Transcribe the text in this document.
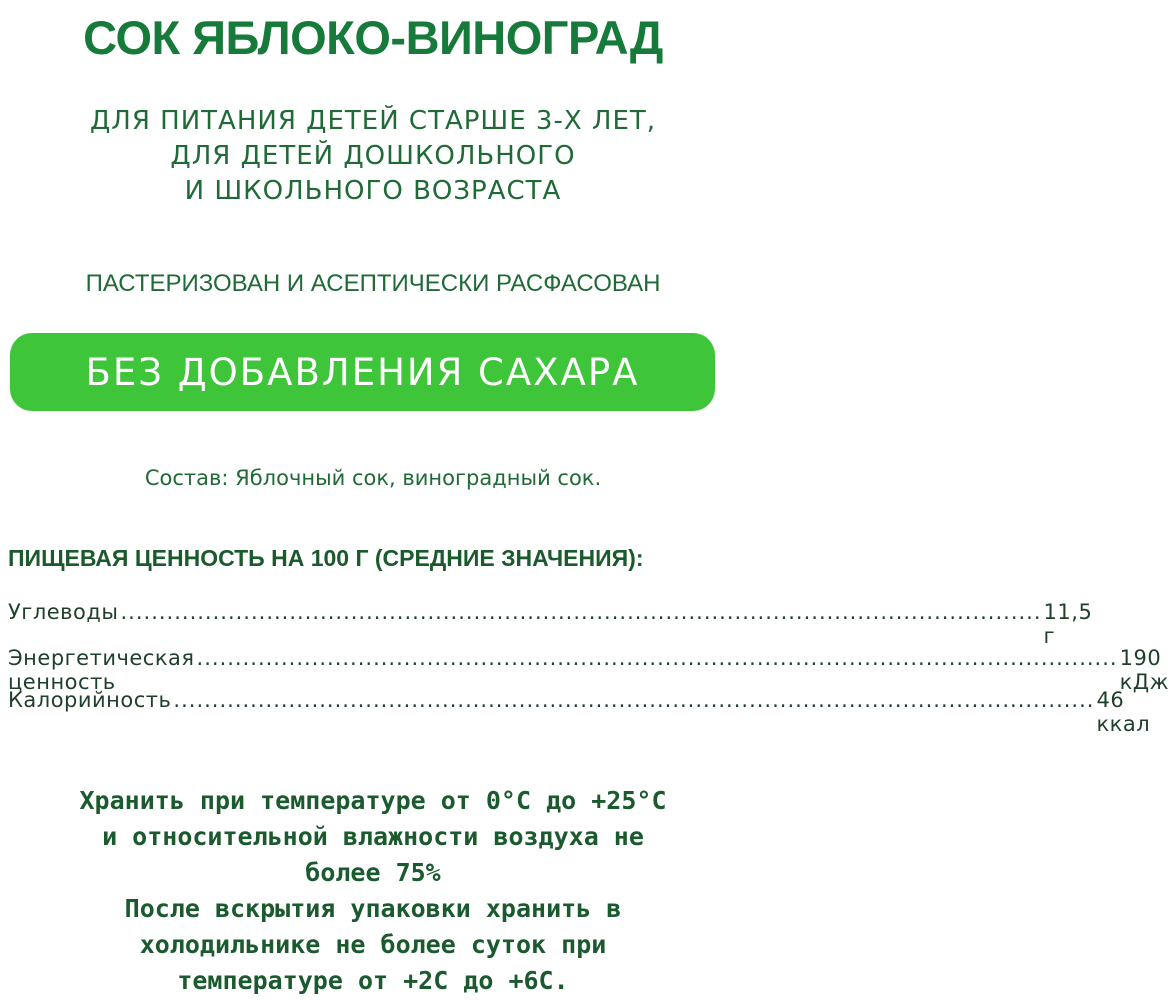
СОК ЯБЛОКО-ВИНОГРАД
ДЛЯ ПИТАНИЯ ДЕТЕЙ СТАРШЕ 3-Х ЛЕТ,
ДЛЯ ДЕТЕЙ ДОШКОЛЬНОГО
И ШКОЛЬНОГО ВОЗРАСТА
ПАСТЕРИЗОВАН И АСЕПТИЧЕСКИ РАСФАСОВАН
БЕЗ ДОБАВЛЕНИЯ САХАРА
Состав: Яблочный сок, виноградный сок.
ПИЩЕВАЯ ЦЕННОСТЬ НА 100 Г (СРЕДНИЕ ЗНАЧЕНИЯ):
Углеводы ........................................................................................................................ 11,5 г
Энергетическая ценность
........................................................................................................................ 190 кДж
Калорийность ........................................................................................................................ 46 ккал
Хранить при температуре от 0°С до +25°С
и относительной влажности воздуха не
более 75%
После вскрытия упаковки хранить в
холодильнике не более суток при
температуре от +2С до +6С.
